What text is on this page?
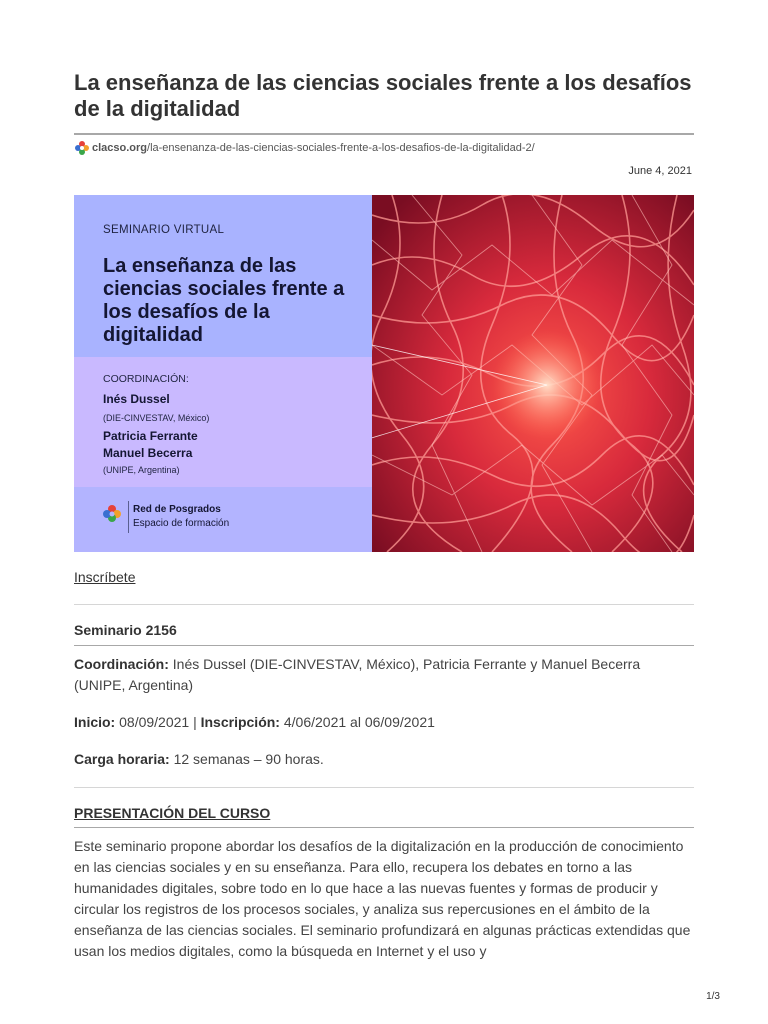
La enseñanza de las ciencias sociales frente a los desafíos de la digitalidad
clacso.org /la-ensenanza-de-las-ciencias-sociales-frente-a-los-desafios-de-la-digitalidad-2/
June 4, 2021
SEMINARIO VIRTUAL
La enseñanza de las ciencias sociales frente a los desafíos de la digitalidad
COORDINACIÓN:
Inés Dussel
(DIE-CINVESTAV, México)
Patricia Ferrante
Manuel Becerra
(UNIPE, Argentina)
Red de Posgrados
Espacio de formación
Inscríbete
Seminario 2156

Coordinación: Inés Dussel (DIE-CINVESTAV, México), Patricia Ferrante y Manuel Becerra (UNIPE, Argentina)

Inicio: 08/09/2021 | Inscripción: 4/06/2021 al 06/09/2021

Carga horaria: 12 semanas – 90 horas.

PRESENTACIÓN DEL CURSO

Este seminario propone abordar los desafíos de la digitalización en la producción de conocimiento en las ciencias sociales y en su enseñanza. Para ello, recupera los debates en torno a las humanidades digitales, sobre todo en lo que hace a las nuevas fuentes y formas de producir y circular los registros de los procesos sociales, y analiza sus repercusiones en el ámbito de la enseñanza de las ciencias sociales. El seminario profundizará en algunas prácticas extendidas que usan los medios digitales, como la búsqueda en Internet y el uso y

1/3
